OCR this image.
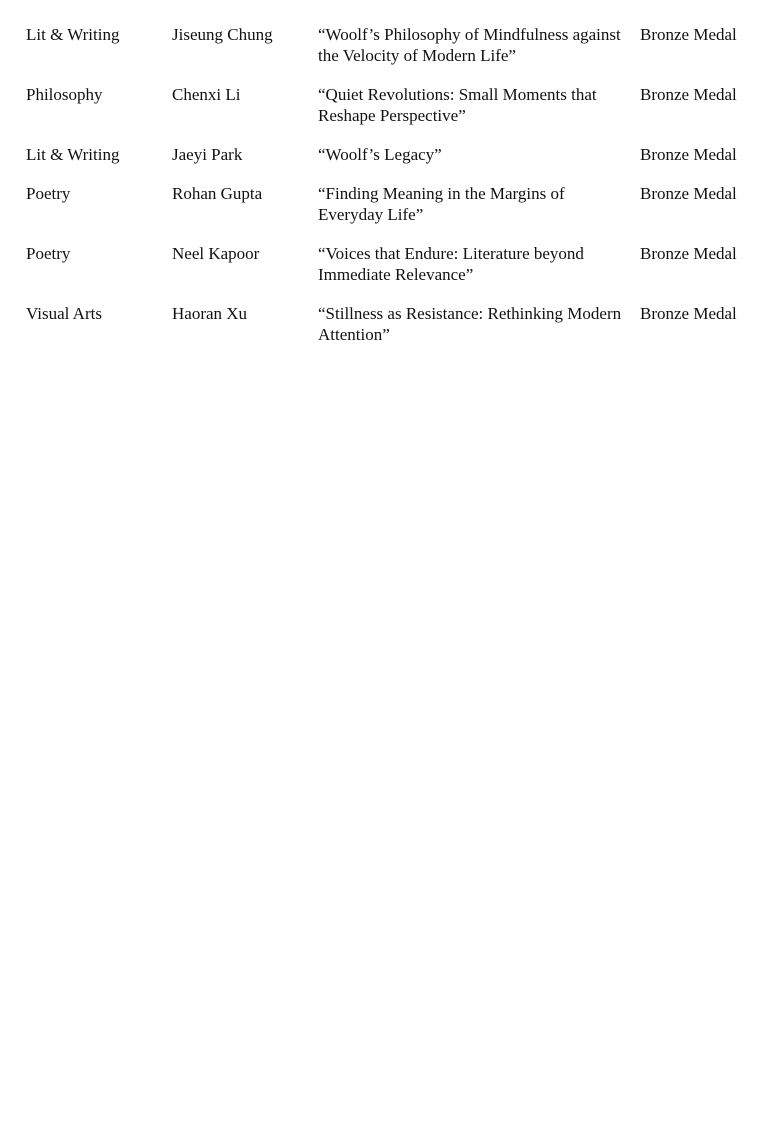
Lit & Writing	Jiseung Chung	“Woolf’s Philosophy of Mindfulness against the Velocity of Modern Life”	Bronze Medal
Philosophy	Chenxi Li	“Quiet Revolutions: Small Moments that Reshape Perspective”	Bronze Medal
Lit & Writing	Jaeyi Park	“Woolf’s Legacy”	Bronze Medal
Poetry	Rohan Gupta	“Finding Meaning in the Margins of Everyday Life”	Bronze Medal
Poetry	Neel Kapoor	“Voices that Endure: Literature beyond Immediate Relevance”	Bronze Medal
Visual Arts	Haoran Xu	“Stillness as Resistance: Rethinking Modern Attention”	Bronze Medal
